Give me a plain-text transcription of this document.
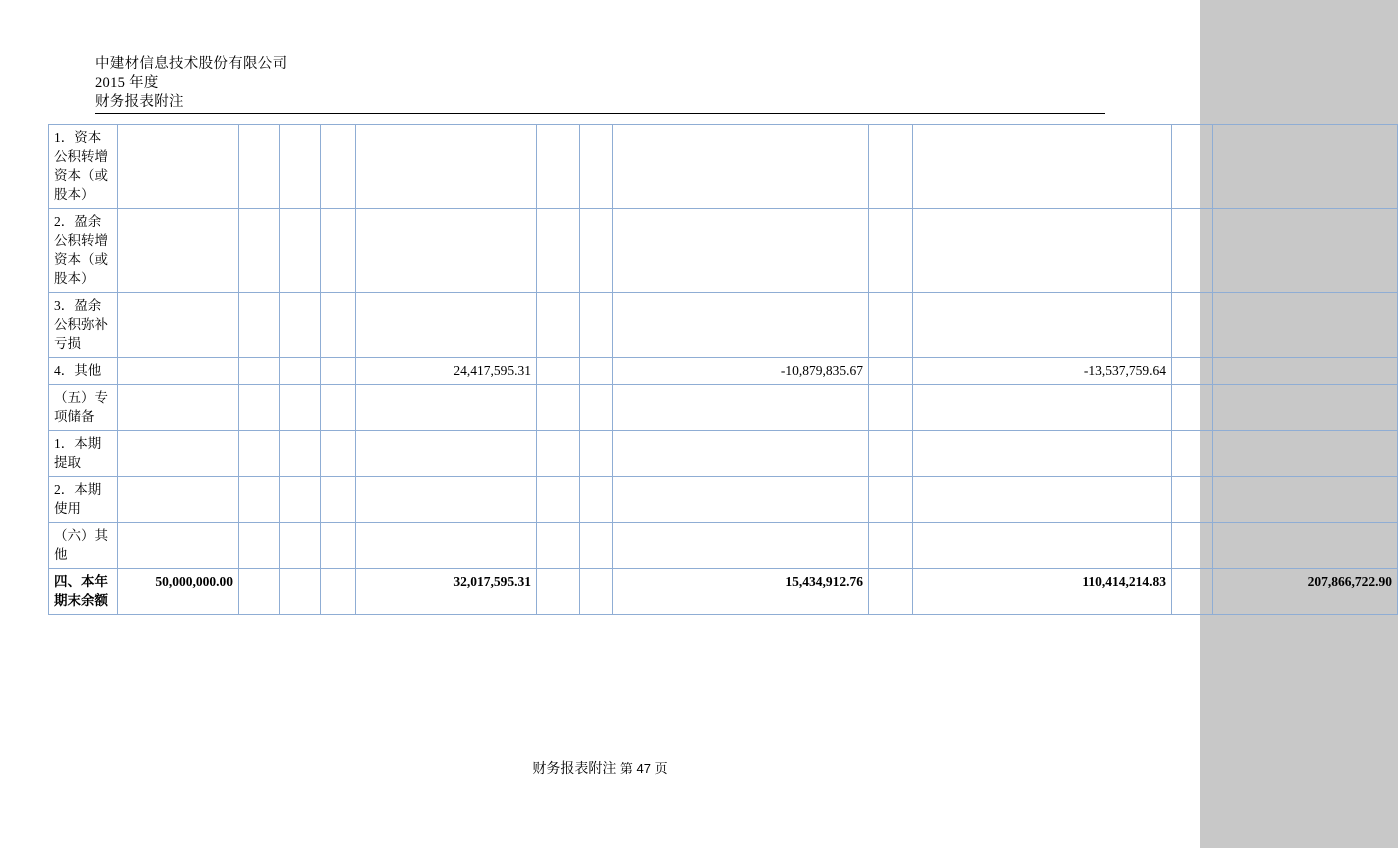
中建材信息技术股份有限公司
2015 年度
财务报表附注
1．资本公积转增资本（或股本）												
2．盈余公积转增资本（或股本）												
3．盈余公积弥补亏损												
4．其他					24,417,595.31			-10,879,835.67		-13,537,759.64		
（五）专项储备												
1．本期提取												
2．本期使用												
（六）其他												
四、本年期末余额	50,000,000.00				32,017,595.31			15,434,912.76		110,414,214.83		207,866,722.90
财务报表附注 第 47 页
